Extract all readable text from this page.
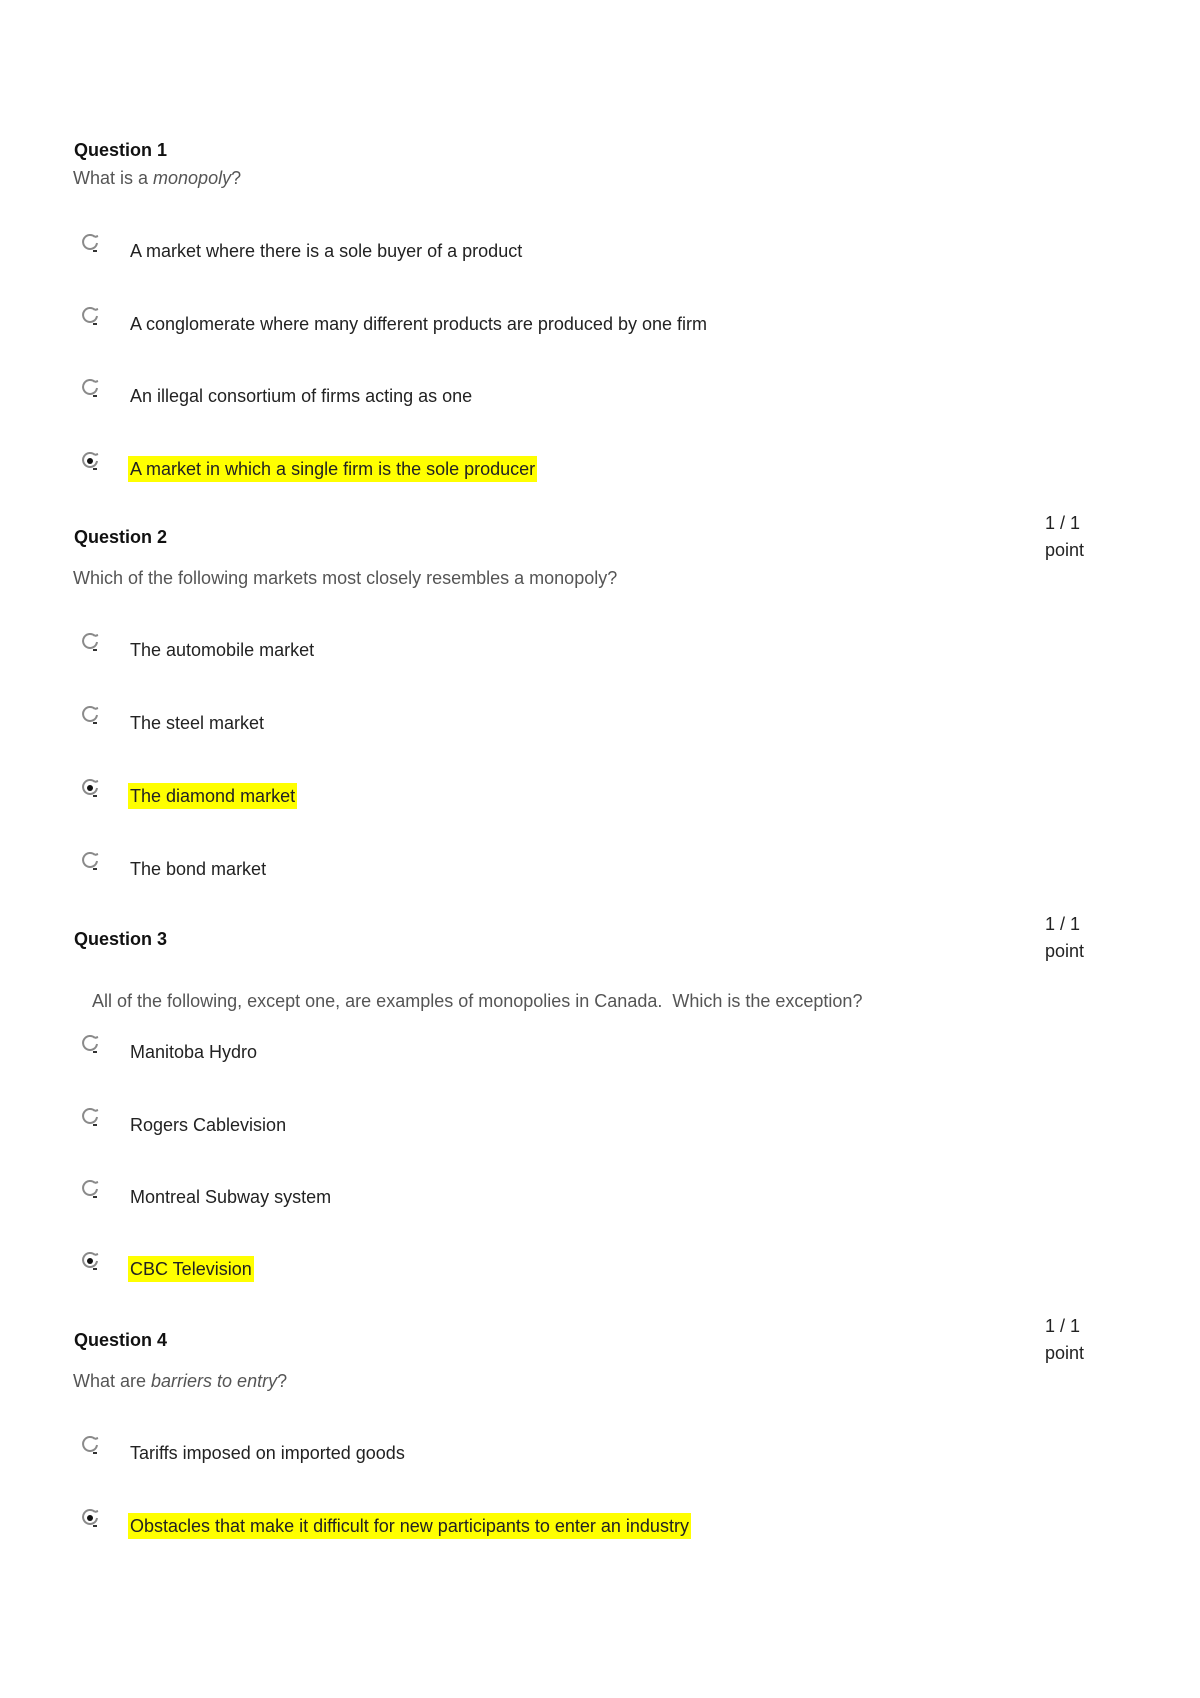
Question 1

What is a monopoly?

A market where there is a sole buyer of a product
A conglomerate where many different products are produced by one firm
An illegal consortium of firms acting as one
A market in which a single firm is the sole producer
Question 2
1 / 1
point

Which of the following markets most closely resembles a monopoly?

The automobile market
The steel market
The diamond market
The bond market
Question 3
1 / 1
point

All of the following, except one, are examples of monopolies in Canada.  Which is the exception?

Manitoba Hydro
Rogers Cablevision
Montreal Subway system
CBC Television
Question 4
1 / 1
point

What are barriers to entry?

Tariffs imposed on imported goods
Obstacles that make it difficult for new participants to enter an industry
